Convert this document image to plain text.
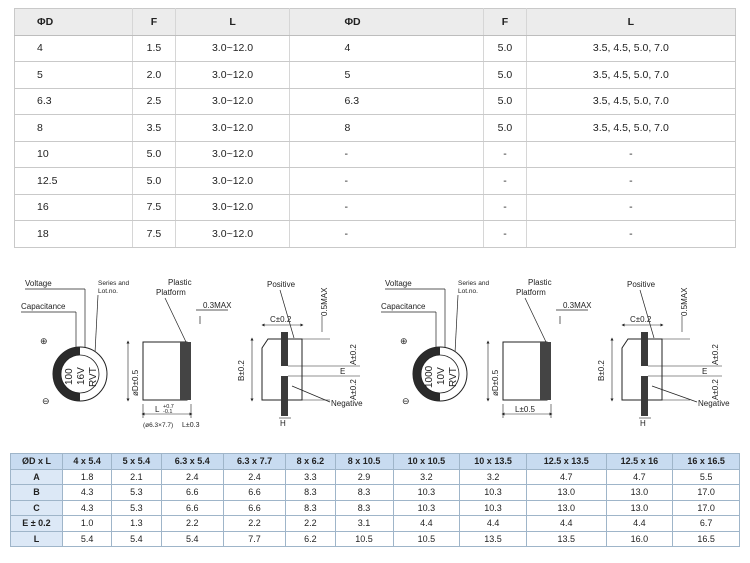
ΦD	F	L	ΦD	F	L
4	1.5	3.0~12.0	4	5.0	3.5, 4.5, 5.0, 7.0
5	2.0	3.0~12.0	5	5.0	3.5, 4.5, 5.0, 7.0
6.3	2.5	3.0~12.0	6.3	5.0	3.5, 4.5, 5.0, 7.0
8	3.5	3.0~12.0	8	5.0	3.5, 4.5, 5.0, 7.0
10	5.0	3.0~12.0	-	-	-
12.5	5.0	3.0~12.0	-	-	-
16	7.5	3.0~12.0	-	-	-
18	7.5	3.0~12.0	-	-	-
Voltage	Series and
Lot.no.
Capacitance
⊕
100 16V RVT
⊖
Plastic
Platform
0.3MAX
øD±0.5
L +0.7
-0.1
(ø6.3×7.7) L±0.3
Positive
C±0.2
0.5MAX
B±0.2
A±0.2
A±0.2
E
Negative
H
Voltage	Series and
Lot.no.
Capacitance
⊕
1000 10V RVT
⊖
Plastic
Platform
0.3MAX
øD±0.5
L±0.5
Positive
C±0.2
0.5MAX
B±0.2
A±0.2
A±0.2
E
Negative
H
ØD x L	4 x 5.4	5 x 5.4	6.3 x 5.4	6.3 x 7.7	8 x 6.2	8 x 10.5	10 x 10.5	10 x 13.5	12.5 x 13.5	12.5 x 16	16 x 16.5
A	1.8	2.1	2.4	2.4	3.3	2.9	3.2	3.2	4.7	4.7	5.5
B	4.3	5.3	6.6	6.6	8.3	8.3	10.3	10.3	13.0	13.0	17.0
C	4.3	5.3	6.6	6.6	8.3	8.3	10.3	10.3	13.0	13.0	17.0
E ± 0.2	1.0	1.3	2.2	2.2	2.2	3.1	4.4	4.4	4.4	4.4	6.7
L	5.4	5.4	5.4	7.7	6.2	10.5	10.5	13.5	13.5	16.0	16.5
